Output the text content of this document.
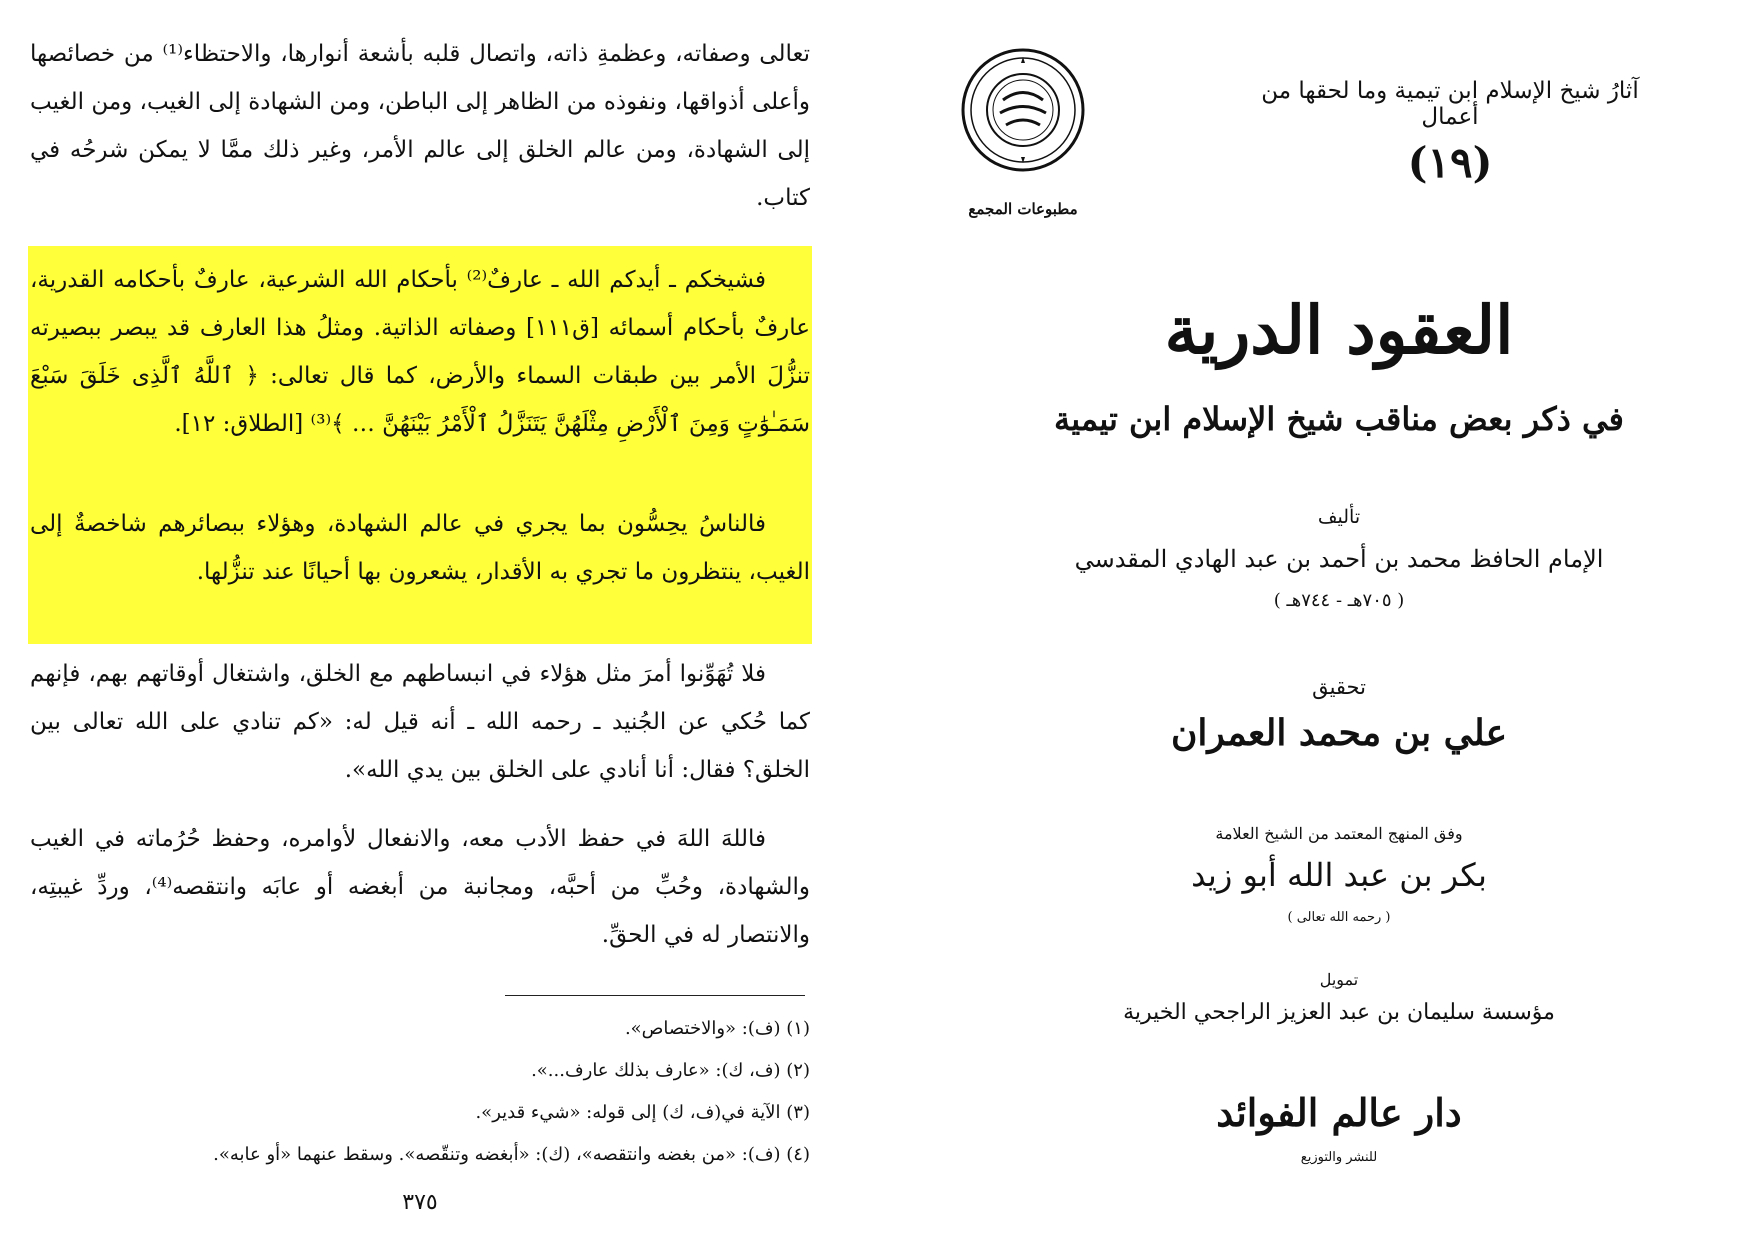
تعالى وصفاته، وعظمةِ ذاته، واتصال قلبه بأشعة أنوارها، والاحتظاء⁽¹⁾ من خصائصها وأعلى أذواقها، ونفوذه من الظاهر إلى الباطن، ومن الشهادة إلى الغيب، ومن الغيب إلى الشهادة، ومن عالم الخلق إلى عالم الأمر، وغير ذلك ممَّا لا يمكن شرحُه في كتاب.

فشيخكم ـ أيدكم الله ـ عارفٌ⁽²⁾ بأحكام الله الشرعية، عارفٌ بأحكامه القدرية، عارفٌ بأحكام أسمائه [ق١١١] وصفاته الذاتية. ومثلُ هذا العارف قد يبصر ببصيرته تنزُّلَ الأمر بين طبقات السماء والأرض، كما قال تعالى: ﴿ ٱللَّهُ ٱلَّذِى خَلَقَ سَبْعَ سَمَـٰوَٰتٍ وَمِنَ ٱلْأَرْضِ مِثْلَهُنَّ يَتَنَزَّلُ ٱلْأَمْرُ بَيْنَهُنَّ … ﴾⁽³⁾ [الطلاق: ١٢].

فالناسُ يحِسُّون بما يجري في عالم الشهادة، وهؤلاء ببصائرهم شاخصةٌ إلى الغيب، ينتظرون ما تجري به الأقدار، يشعرون بها أحيانًا عند تنزُّلها.

فلا تُهَوِّنوا أمرَ مثل هؤلاء في انبساطهم مع الخلق، واشتغال أوقاتهم بهم، فإنهم كما حُكي عن الجُنيد ـ رحمه الله ـ أنه قيل له: «كم تنادي على الله تعالى بين الخلق؟ فقال: أنا أنادي على الخلق بين يدي الله».

فاللهَ اللهَ في حفظ الأدب معه، والانفعال لأوامره، وحفظ حُرُماته في الغيب والشهادة، وحُبِّ من أحبَّه، ومجانبة من أبغضه أو عابَه وانتقصه⁽⁴⁾، وردِّ غيبتِه، والانتصار له في الحقِّ.

(١) (ف): «والاختصاص».

(٢) (ف، ك): «عارف بذلك عارف...».

(٣) الآية في(ف، ك) إلى قوله: «شيء قدير».

(٤) (ف): «من بغضه وانتقصه»، (ك): «أبغضه وتنقّصه». وسقط عنهما «أو عابه».

٣٧٥
آثارُ شيخ الإسلام ابن تيمية وما لحقها من أعمال
(١٩)
مطبوعات المجمع
العقود الدرية
في ذكر بعض مناقب شيخ الإسلام ابن تيمية
تأليف
الإمام الحافظ محمد بن أحمد بن عبد الهادي المقدسي
( ٧٠٥هـ - ٧٤٤هـ )
تحقيق
علي بن محمد العمران
وفق المنهج المعتمد من الشيخ العلامة
بكر بن عبد الله أبو زيد
( رحمه الله تعالى )
تمويل
مؤسسة سليمان بن عبد العزيز الراجحي الخيرية
دار عالم الفوائد
للنشر والتوزيع
